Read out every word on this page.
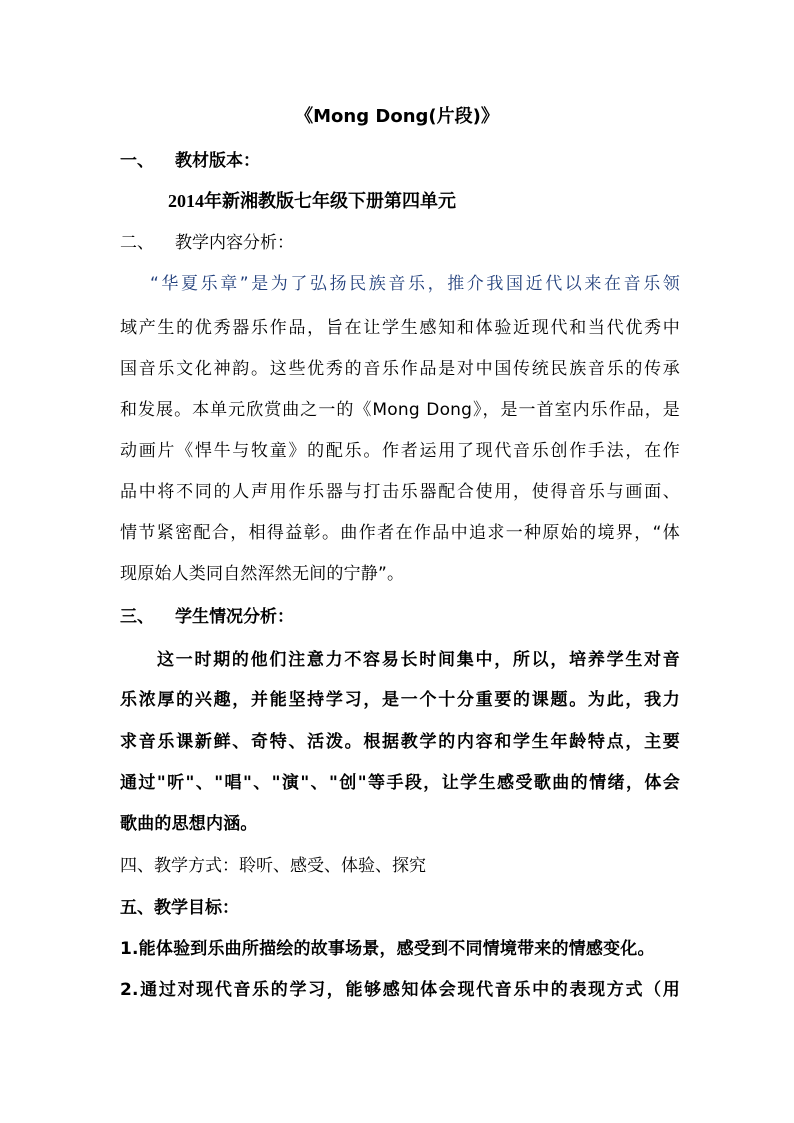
《Mong Dong(片段)》
一、 教材版本：
2014年新湘教版七年级下册第四单元
二、 教学内容分析：
“华夏乐章”是为了弘扬民族音乐，推介我国近代以来在音乐领
域产生的优秀器乐作品，旨在让学生感知和体验近现代和当代优秀中
国音乐文化神韵。这些优秀的音乐作品是对中国传统民族音乐的传承
和发展。本单元欣赏曲之一的《Mong Dong》，是一首室内乐作品，是
动画片《悍牛与牧童》的配乐。作者运用了现代音乐创作手法，在作
品中将不同的人声用作乐器与打击乐器配合使用，使得音乐与画面、
情节紧密配合，相得益彰。曲作者在作品中追求一种原始的境界，“体
现原始人类同自然浑然无间的宁静”。
三、 学生情况分析：
这一时期的他们注意力不容易长时间集中，所以，培养学生对音
乐浓厚的兴趣，并能坚持学习，是一个十分重要的课题。为此，我力
求音乐课新鲜、奇特、活泼。根据教学的内容和学生年龄特点，主要
通过"听"、"唱"、"演"、"创"等手段，让学生感受歌曲的情绪，体会
歌曲的思想内涵。
四、教学方式：聆听、感受、体验、探究
五、教学目标：
1.能体验到乐曲所描绘的故事场景，感受到不同情境带来的情感变化。
2.通过对现代音乐的学习，能够感知体会现代音乐中的表现方式（用
